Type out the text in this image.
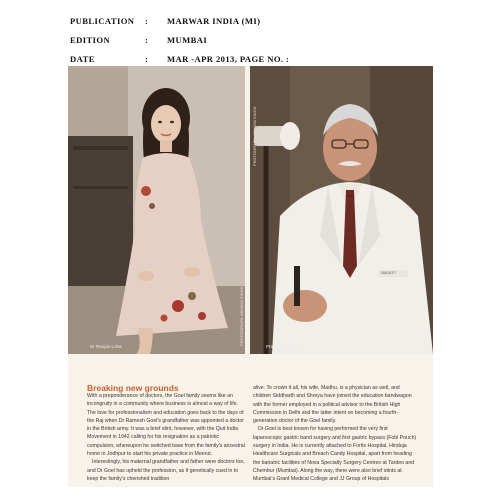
PUBLICATION	:	MARWAR INDIA (MI)
EDITION	:	MUMBAI
DATE	:	MAR -APR 2013, PAGE NO. :
Dr Ranjan Loha
PHOTOGRAPH: ABHAYA SINGH
Pradeep Swarup
SMIJEET
PHOTOGRAPH: ABHAYA SINGH
Breaking new grounds

With a preponderance of doctors, the Goel family seems like an incongruity in a community where business is almost a way of life. The love for professionalism and education goes back to the days of the Raj when Dr Ramesh Goel's grandfather was appointed a doctor in the British army. It was a brief stint, however, with the Quit India Movement in 1942 calling for his resignation as a patriotic compulsion, whereupon he switched base from the family's ancestral home in Jodhpur to start his private practice in Meerut.

Interestingly, his maternal grandfather and father were doctors too, and Dr Goel has upheld the profession, as if genetically cued in to keep the family's cherished tradition

alive. To crown it all, his wife, Madhu, is a physician as well, and children Siddharth and Shreya have joined the education bandwagon with the former employed in a political advisor to the British High Commission in Delhi and the latter intent on becoming a fourth-generation doctor of the Goel family.

Dr Goel is best known for having performed the very first laparoscopic gastric band surgery and first gastric bypass (Fobi Pouch) surgery in India. He is currently attached to Fortis Hospital, Hinduja Healthcare Surgicals and Breach Candy Hospital, apart from heading the bariatric facilities of Nova Specialty Surgery Centres at Tardeo and Chembur (Mumbai). Along the way, there were also brief stints at Mumbai's Grant Medical College and JJ Group of Hospitals
